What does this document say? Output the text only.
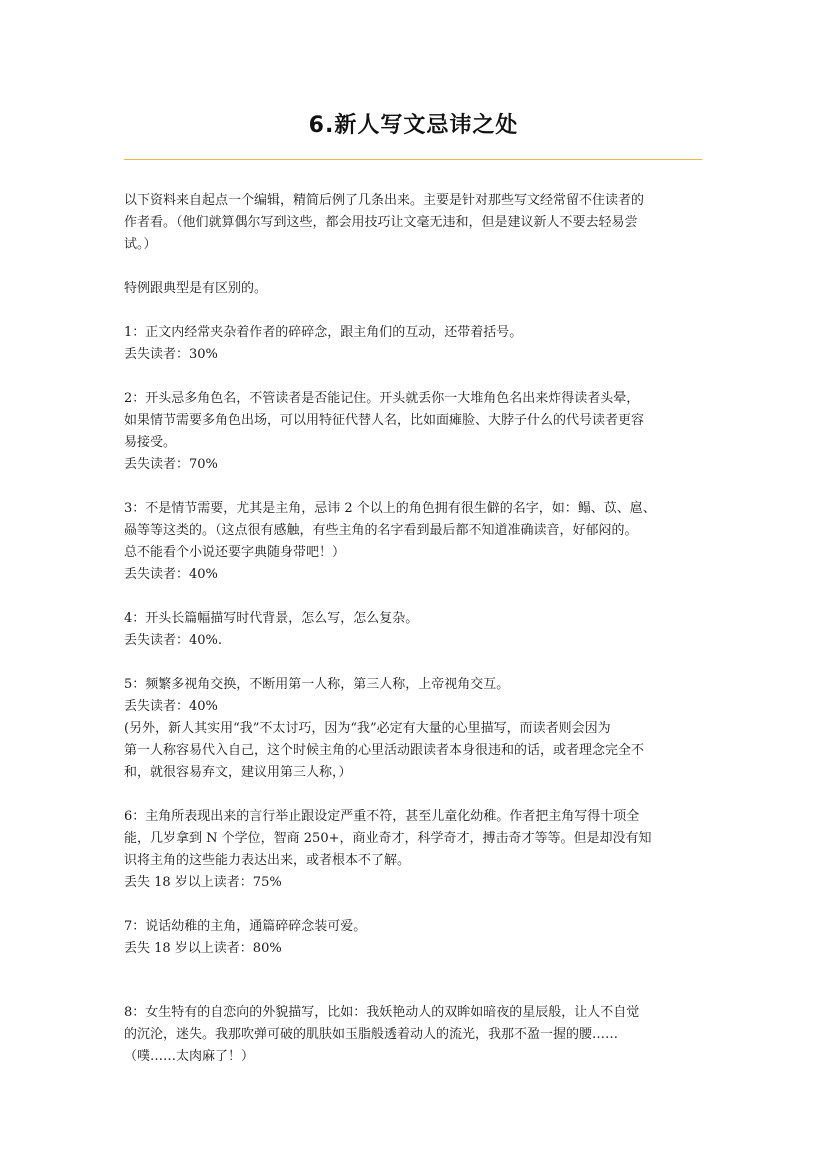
6.新人写文忌讳之处

以下资料来自起点一个编辑，精简后例了几条出来。主要是针对那些写文经常留不住读者的
作者看。（他们就算偶尔写到这些，都会用技巧让文毫无违和，但是建议新人不要去轻易尝
试。）

特例跟典型是有区别的。

1：正文内经常夹杂着作者的碎碎念，跟主角们的互动，还带着括号。
丢失读者：30%

2：开头忌多角色名，不管读者是否能记住。开头就丢你一大堆角色名出来炸得读者头晕，
如果情节需要多角色出场，可以用特征代替人名，比如面瘫脸、大脖子什么的代号读者更容
易接受。
丢失读者：70%

3：不是情节需要，尤其是主角，忌讳 2 个以上的角色拥有很生僻的名字，如：鳎、苡、扈、
赑等等这类的。（这点很有感触，有些主角的名字看到最后都不知道准确读音，好郁闷的。
总不能看个小说还要字典随身带吧！）
丢失读者：40%

4：开头长篇幅描写时代背景，怎么写，怎么复杂。
丢失读者：40%.

5：频繁多视角交换，不断用第一人称，第三人称，上帝视角交互。
丢失读者：40%
(另外，新人其实用“我”不太讨巧，因为“我”必定有大量的心里描写，而读者则会因为
第一人称容易代入自己，这个时候主角的心里活动跟读者本身很违和的话，或者理念完全不
和，就很容易弃文，建议用第三人称，）

6：主角所表现出来的言行举止跟设定严重不符，甚至儿童化幼稚。作者把主角写得十项全
能，几岁拿到 N 个学位，智商 250+，商业奇才，科学奇才，搏击奇才等等。但是却没有知
识将主角的这些能力表达出来，或者根本不了解。
丢失 18 岁以上读者：75%

7：说话幼稚的主角，通篇碎碎念装可爱。
丢失 18 岁以上读者：80%

8：女生特有的自恋向的外貌描写，比如：我妖艳动人的双眸如暗夜的星辰般，让人不自觉
的沉沦，迷失。我那吹弹可破的肌肤如玉脂般透着动人的流光，我那不盈一握的腰……
（噗……太肉麻了！）
